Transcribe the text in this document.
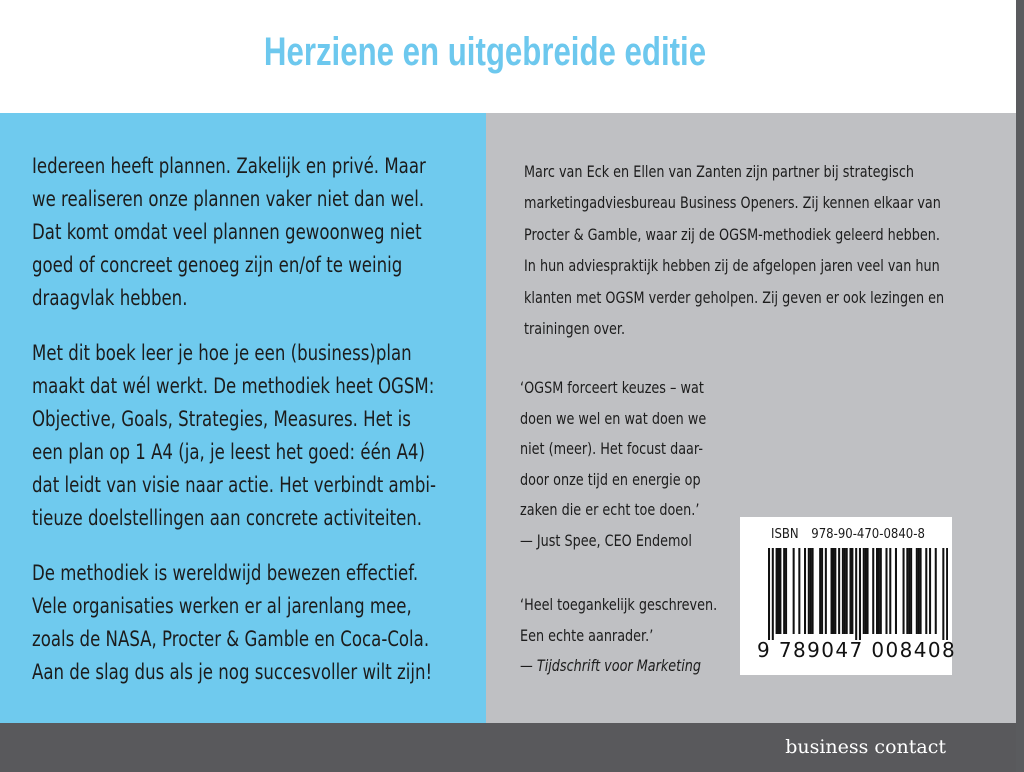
Herziene en uitgebreide editie

Iedereen heeft plannen. Zakelijk en privé. Maar
we realiseren onze plannen vaker niet dan wel.
Dat komt omdat veel plannen gewoonweg niet
goed of concreet genoeg zijn en/of te weinig
draagvlak hebben.

Met dit boek leer je hoe je een (business)plan
maakt dat wél werkt. De methodiek heet OGSM:
Objective, Goals, Strategies, Measures. Het is
een plan op 1 A4 (ja, je leest het goed: één A4)
dat leidt van visie naar actie. Het verbindt ambi-
tieuze doelstellingen aan concrete activiteiten.

De methodiek is wereldwijd bewezen effectief.
Vele organisaties werken er al jarenlang mee,
zoals de NASA, Procter & Gamble en Coca-Cola.
Aan de slag dus als je nog succesvoller wilt zijn!

Marc van Eck en Ellen van Zanten zijn partner bij strategisch
marketingadviesbureau Business Openers. Zij kennen elkaar van
Procter & Gamble, waar zij de OGSM-methodiek geleerd hebben.
In hun adviespraktijk hebben zij de afgelopen jaren veel van hun
klanten met OGSM verder geholpen. Zij geven er ook lezingen en
trainingen over.

‘OGSM forceert keuzes – wat
doen we wel en wat doen we
niet (meer). Het focust daar-
door onze tijd en energie op
zaken die er echt toe doen.’
— Just Spee, CEO Endemol

‘Heel toegankelijk geschreven.
Een echte aanrader.’
— Tijdschrift voor Marketing

ISBN 978-90-470-0840-8
9 789047 008408
business contact
